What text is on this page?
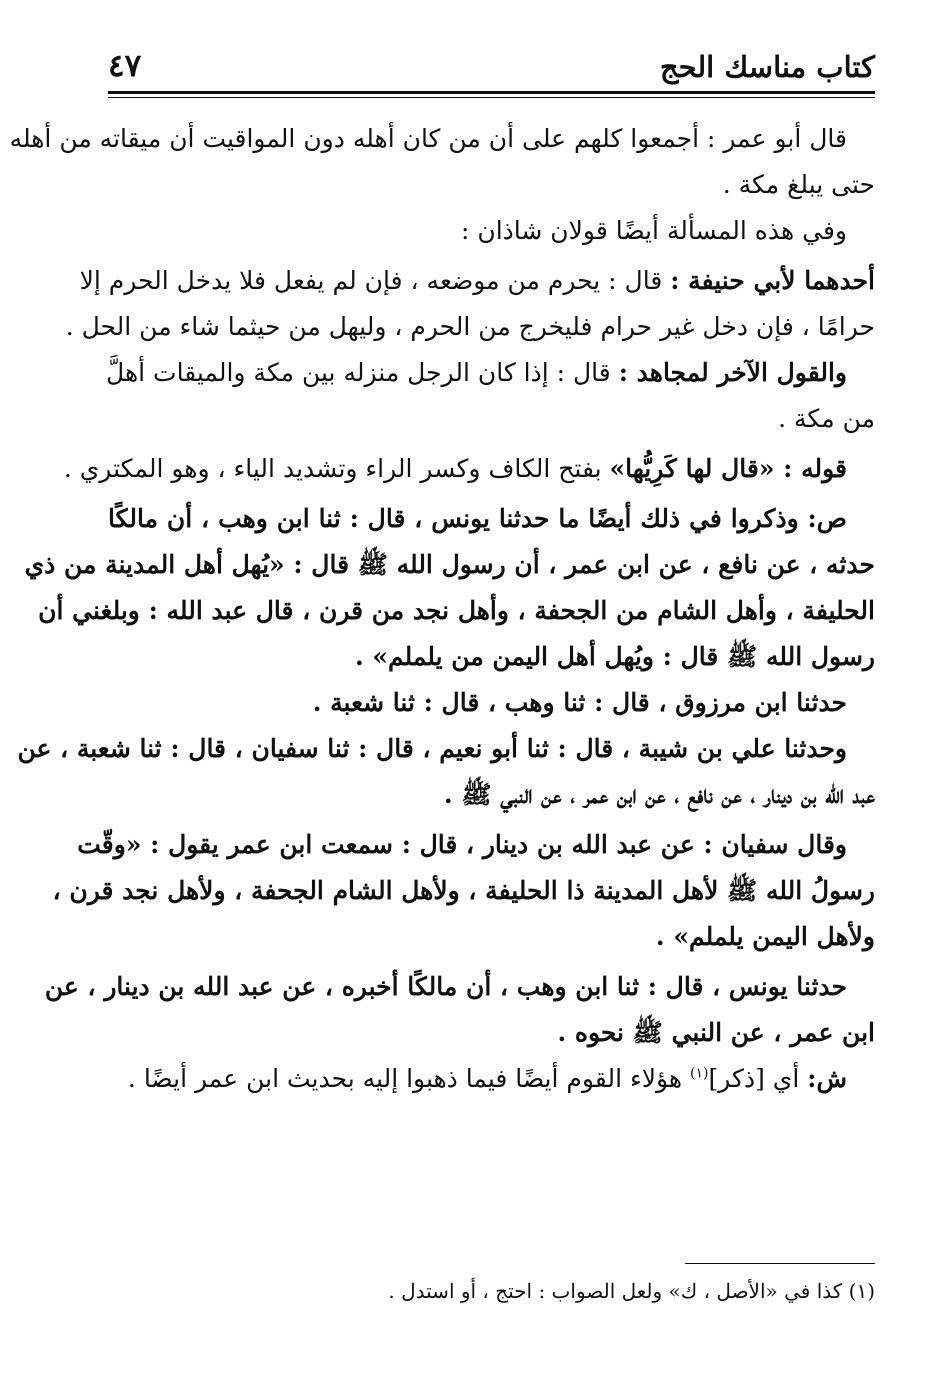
كتاب مناسك الحج
٤٧
قال أبو عمر : أجمعوا كلهم على أن من كان أهله دون المواقيت أن ميقاته من أهله
حتى يبلغ مكة .
وفي هذه المسألة أيضًا قولان شاذان :
أحدهما لأبي حنيفة : قال : يحرم من موضعه ، فإن لم يفعل فلا يدخل الحرم إلا
حرامًا ، فإن دخل غير حرام فليخرج من الحرم ، وليهل من حيثما شاء من الحل .
والقول الآخر لمجاهد : قال : إذا كان الرجل منزله بين مكة والميقات أهلَّ
من مكة .
قوله : «قال لها كَرِيُّها» بفتح الكاف وكسر الراء وتشديد الياء ، وهو المكتري .
ص: وذكروا في ذلك أيضًا ما حدثنا يونس ، قال : ثنا ابن وهب ، أن مالكًا
حدثه ، عن نافع ، عن ابن عمر ، أن رسول الله ﷺ قال : «يُهل أهل المدينة من ذي
الحليفة ، وأهل الشام من الجحفة ، وأهل نجد من قرن ، قال عبد الله : وبلغني أن
رسول الله ﷺ قال : ويُهل أهل اليمن من يلملم» .
حدثنا ابن مرزوق ، قال : ثنا وهب ، قال : ثنا شعبة .
وحدثنا علي بن شيبة ، قال : ثنا أبو نعيم ، قال : ثنا سفيان ، قال : ثنا شعبة ، عن
عبد الله بن دينار ، عن نافع ، عن ابن عمر ، عن النبي ﷺ .
وقال سفيان : عن عبد الله بن دينار ، قال : سمعت ابن عمر يقول : «وقّت
رسولُ الله ﷺ لأهل المدينة ذا الحليفة ، ولأهل الشام الجحفة ، ولأهل نجد قرن ،
ولأهل اليمن يلملم» .
حدثنا يونس ، قال : ثنا ابن وهب ، أن مالكًا أخبره ، عن عبد الله بن دينار ، عن
ابن عمر ، عن النبي ﷺ نحوه .
ش: أي [ذكر]$^{(١)}$ هؤلاء القوم أيضًا فيما ذهبوا إليه بحديث ابن عمر أيضًا .
(١) كذا في «الأصل ، ك» ولعل الصواب : احتج ، أو استدل .
